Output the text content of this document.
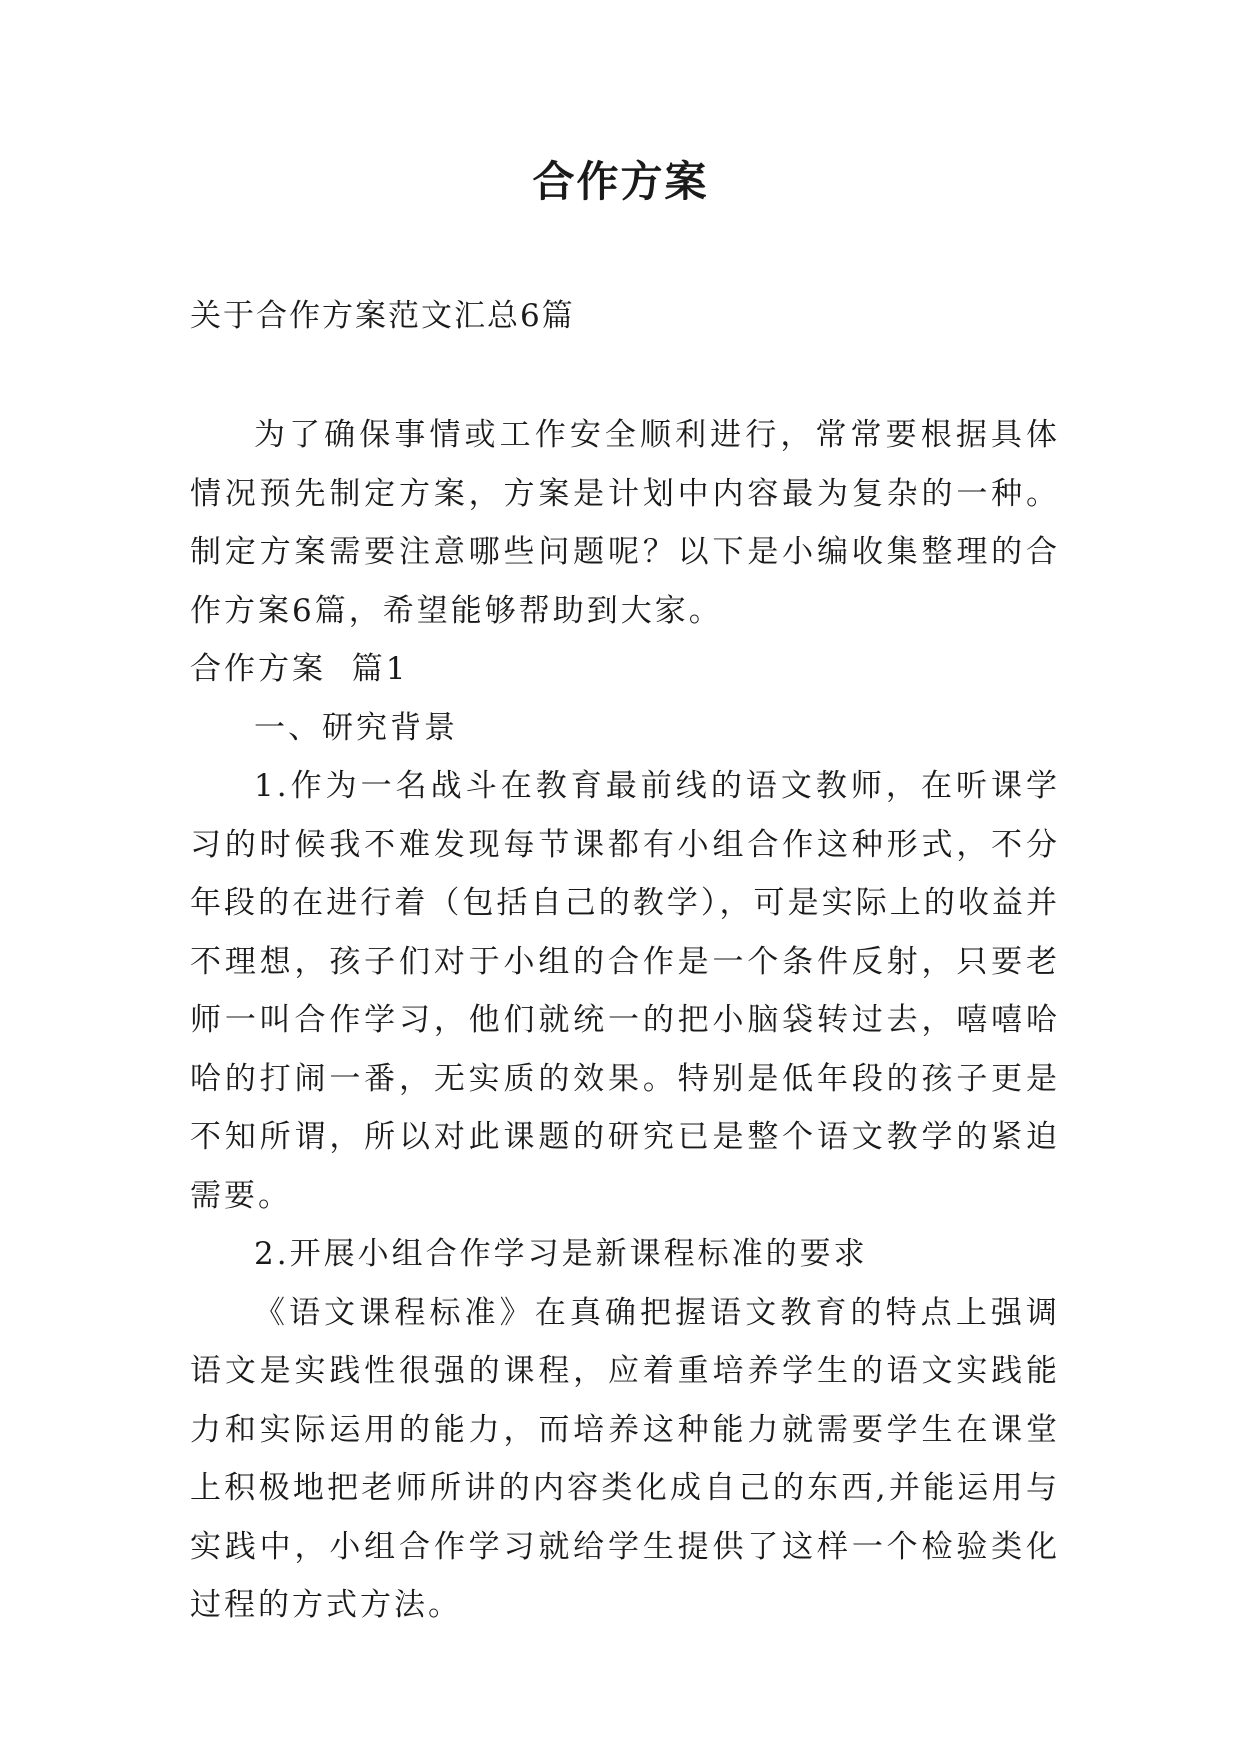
合作方案
关于合作方案范文汇总6篇

为了确保事情或工作安全顺利进行，常常要根据具体情况预先制定方案，方案是计划中内容最为复杂的一种。制定方案需要注意哪些问题呢？以下是小编收集整理的合作方案6篇，希望能够帮助到大家。

合作方案  篇1

一、研究背景

1.作为一名战斗在教育最前线的语文教师，在听课学习的时候我不难发现每节课都有小组合作这种形式，不分年段的在进行着（包括自己的教学），可是实际上的收益并不理想，孩子们对于小组的合作是一个条件反射，只要老师一叫合作学习，他们就统一的把小脑袋转过去，嘻嘻哈哈的打闹一番，无实质的效果。特别是低年段的孩子更是不知所谓，所以对此课题的研究已是整个语文教学的紧迫需要。

2.开展小组合作学习是新课程标准的要求

《语文课程标准》在真确把握语文教育的特点上强调语文是实践性很强的课程，应着重培养学生的语文实践能力和实际运用的能力，而培养这种能力就需要学生在课堂上积极地把老师所讲的内容类化成自己的东西,并能运用与实践中，小组合作学习就给学生提供了这样一个检验类化过程的方式方法。
